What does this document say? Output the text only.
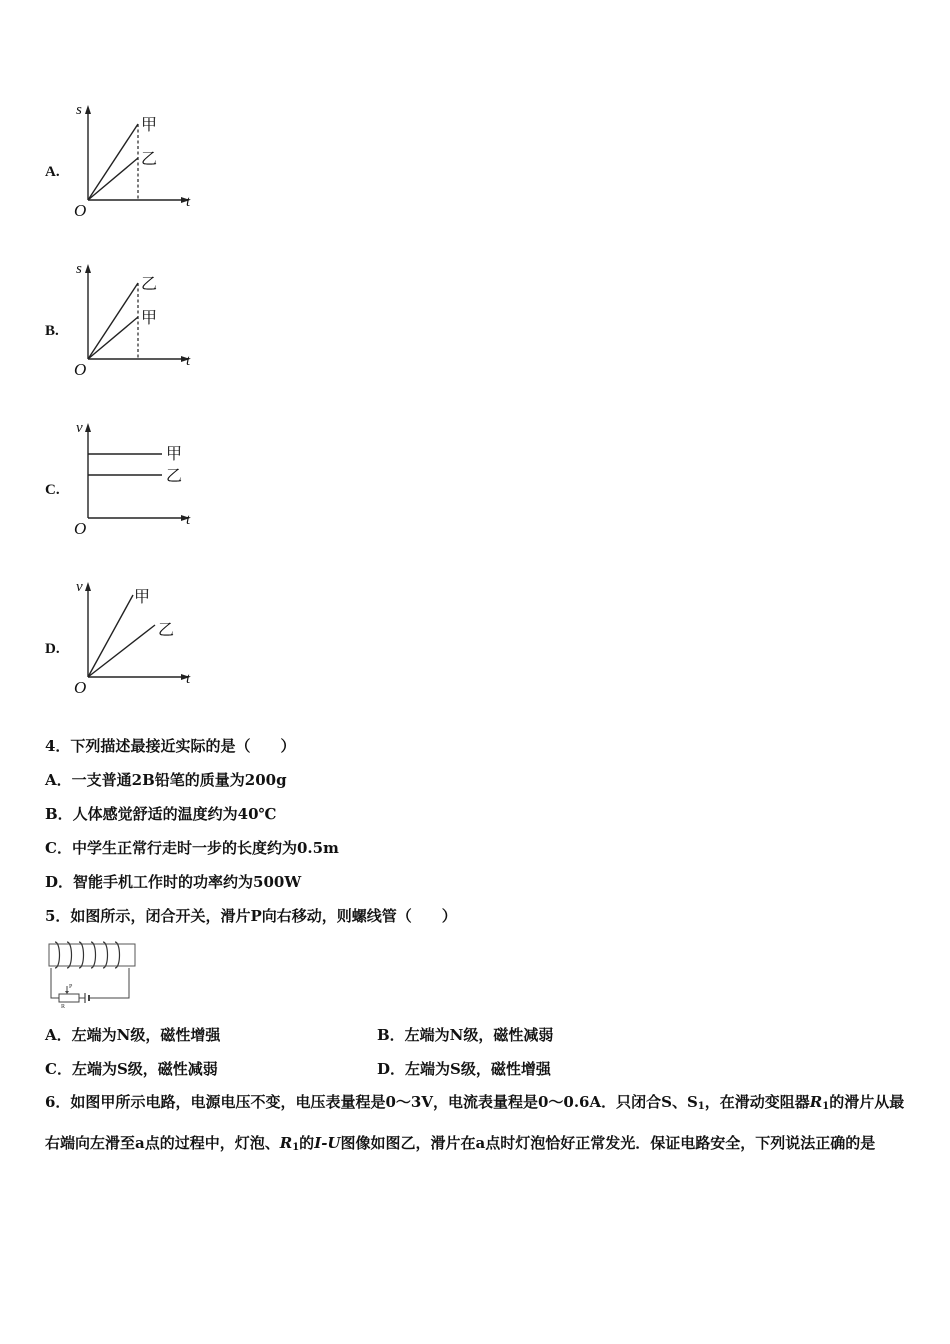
A.
s
t
O
甲
乙
B.
s
t
O
乙
甲
C.
v
t
O
甲
乙
D.
v
t
O
甲
乙
4．下列描述最接近实际的是（　　）
A．一支普通2B铅笔的质量为200g
B．人体感觉舒适的温度约为40℃
C．中学生正常行走时一步的长度约为0.5m
D．智能手机工作时的功率约为500W
5．如图所示，闭合开关，滑片P向右移动，则螺线管（　　）
P
R
A．左端为N级，磁性增强	B．左端为N级，磁性减弱
C．左端为S级，磁性减弱	D．左端为S级，磁性增强
6．如图甲所示电路，电源电压不变，电压表量程是0～3V，电流表量程是0～0.6A．只闭合S、$S_1$，在滑动变阻器$R_1$的滑片从最右端向左滑至a点的过程中，灯泡、$R_1$的I-U图像如图乙，滑片在a点时灯泡恰好正常发光．保证电路安全，下列说法正确的是
